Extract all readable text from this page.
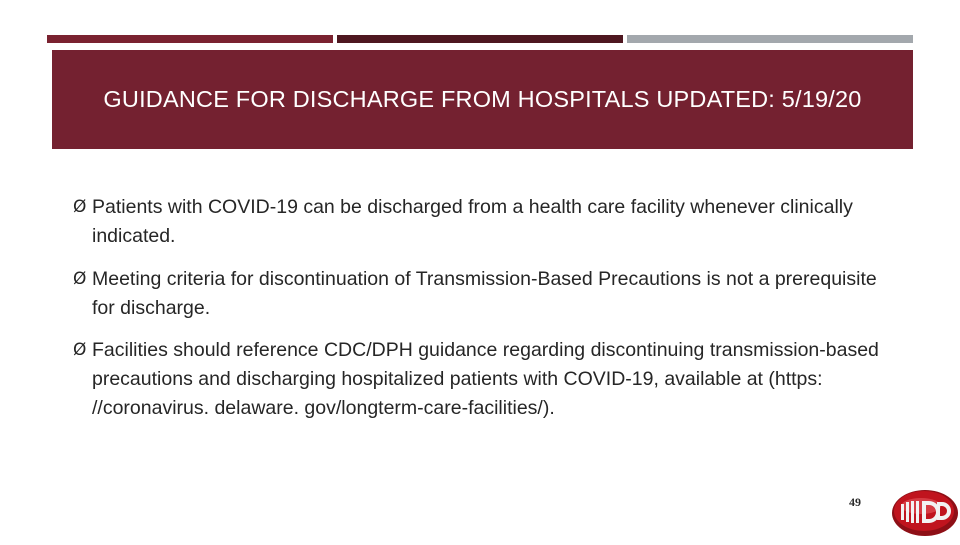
GUIDANCE FOR DISCHARGE FROM HOSPITALS UPDATED: 5/19/20
Ø Patients with COVID-19 can be discharged from a health care facility whenever clinically indicated.
Ø Meeting criteria for discontinuation of Transmission-Based Precautions is not a prerequisite for discharge.
Ø Facilities should reference CDC/DPH guidance regarding discontinuing transmission-based precautions and discharging hospitalized patients with COVID-19, available at (https: //coronavirus. delaware. gov/longterm-care-facilities/).
49
